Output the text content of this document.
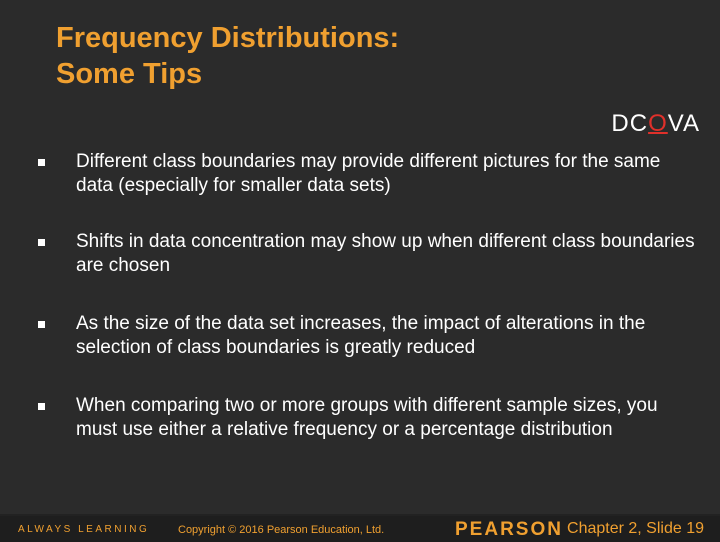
Frequency Distributions:
Some Tips
DCOVA
Different class boundaries may provide different pictures for the same data (especially for smaller data sets)
Shifts in data concentration may show up when different class boundaries are chosen
As the size of the data set increases, the impact of alterations in the selection of class boundaries is greatly reduced
When comparing two or more groups with different sample sizes, you must use either a relative frequency or a percentage distribution
ALWAYS LEARNING	Copyright © 2016 Pearson Education, Ltd.	PEARSON Chapter 2, Slide 19
